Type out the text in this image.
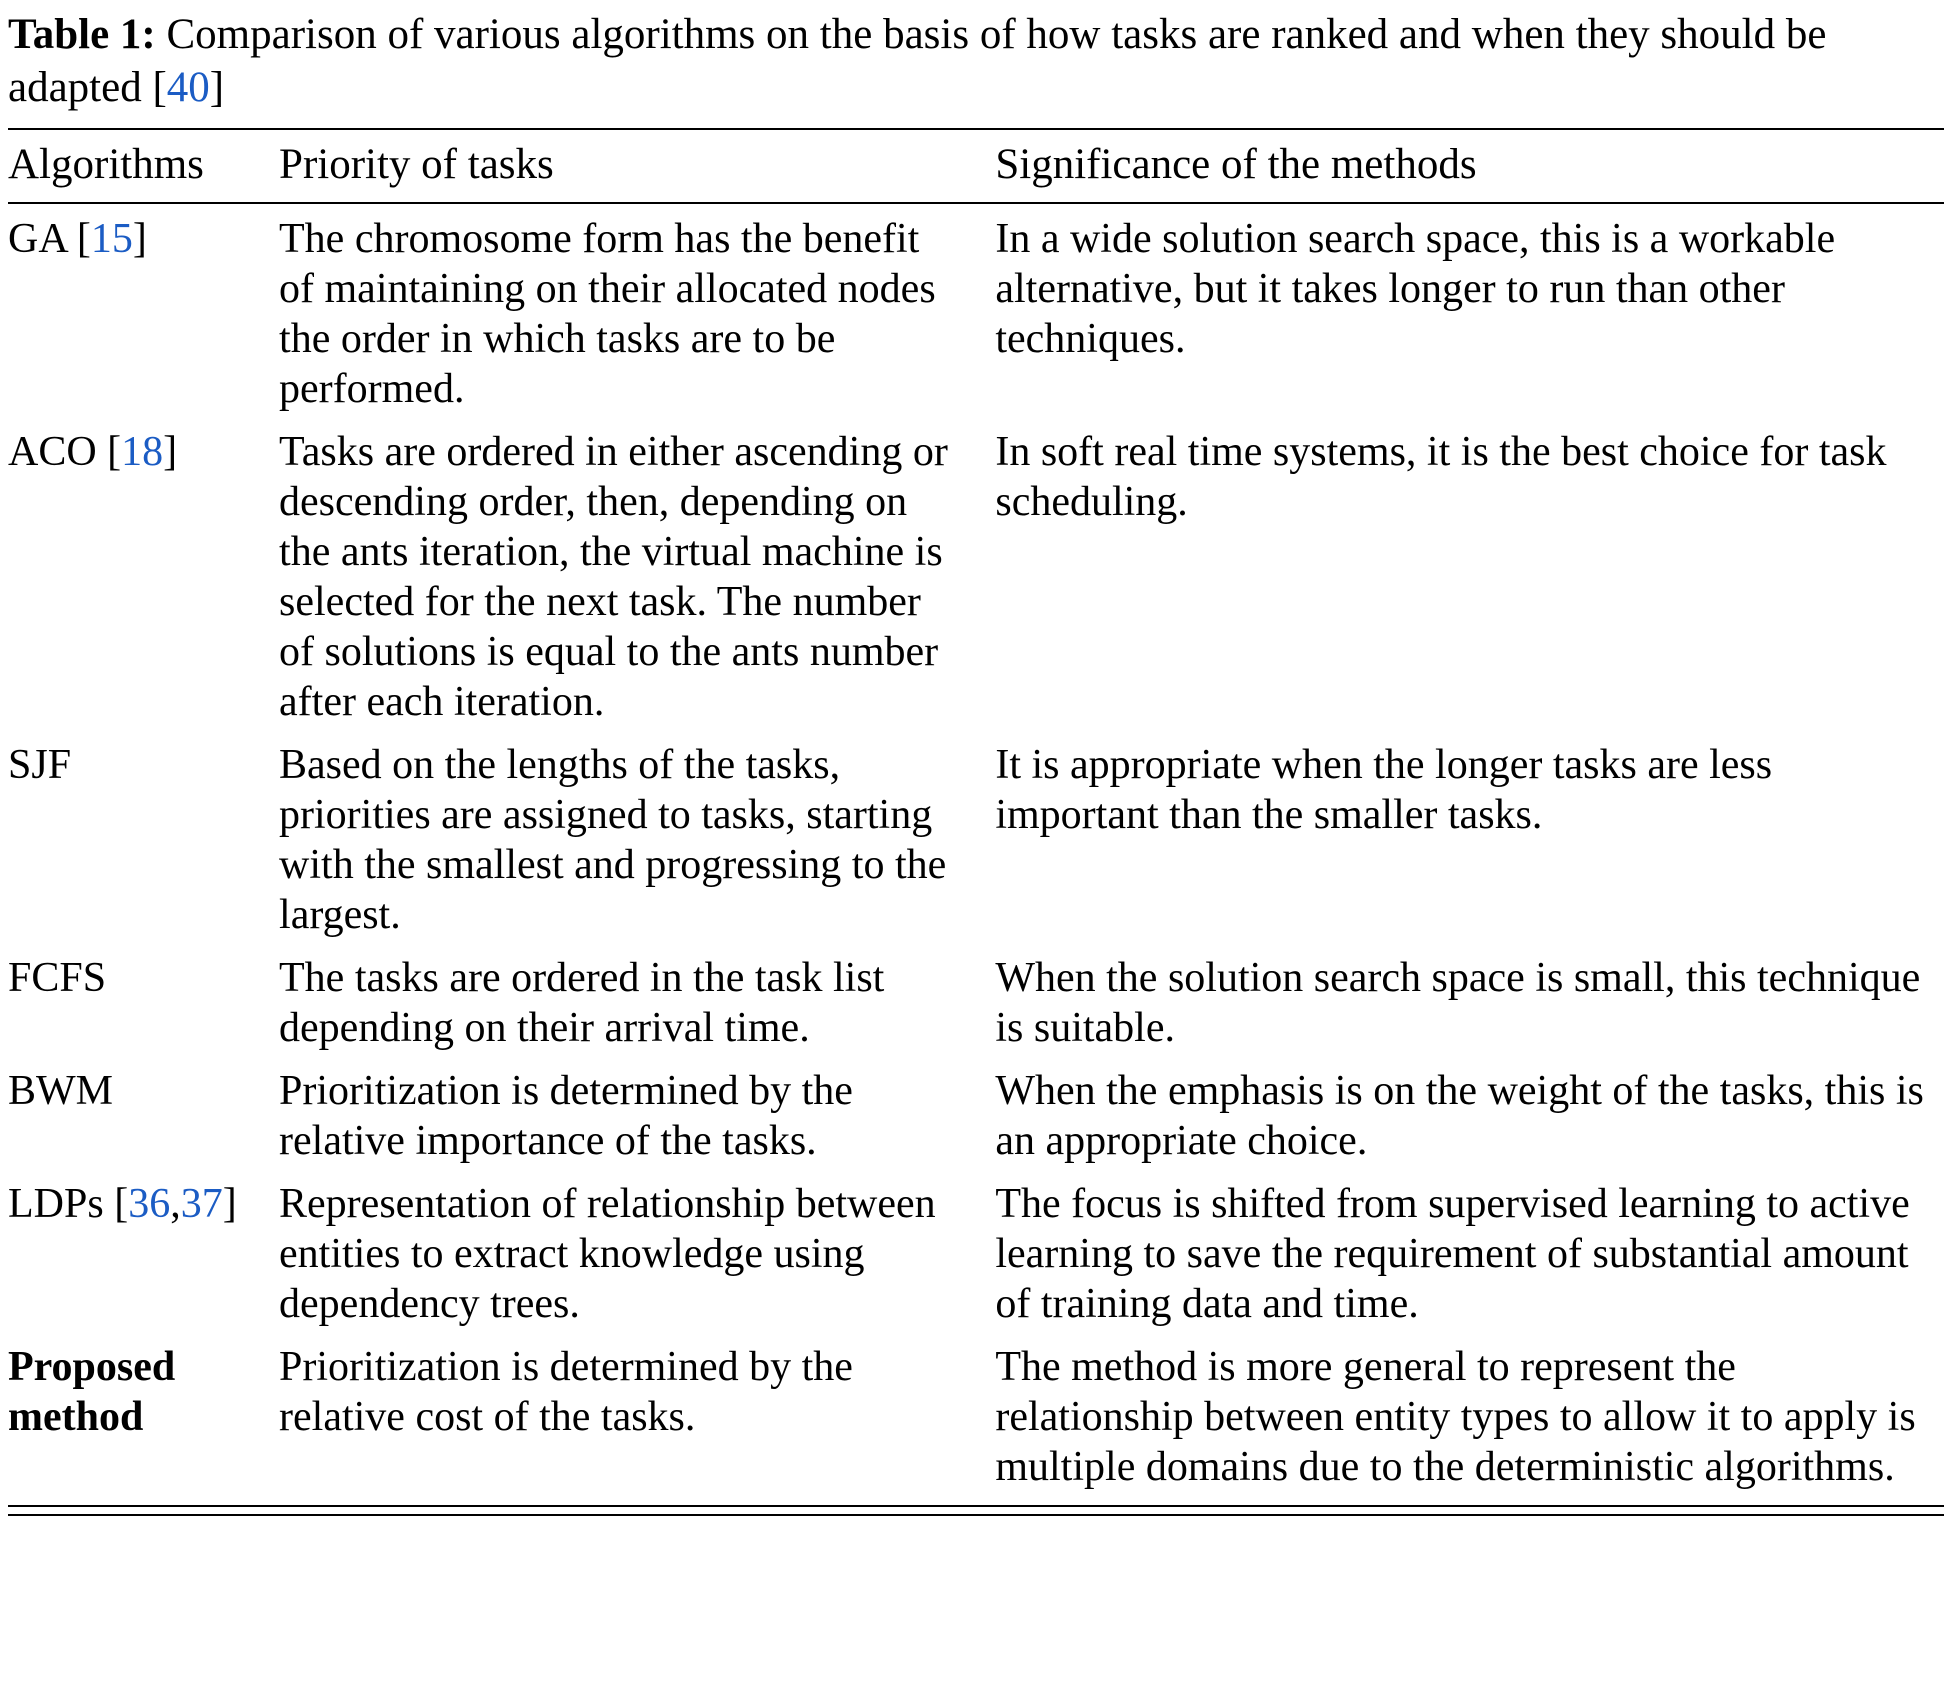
Table 1: Comparison of various algorithms on the basis of how tasks are ranked and when they should be adapted [40]

Algorithms	Priority of tasks	Significance of the methods
GA [15]	The chromosome form has the benefit of maintaining on their allocated nodes the order in which tasks are to be performed.	In a wide solution search space, this is a workable alternative, but it takes longer to run than other techniques.
ACO [18]	Tasks are ordered in either ascending or descending order, then, depending on the ants iteration, the virtual machine is selected for the next task. The number of solutions is equal to the ants number after each iteration.	In soft real time systems, it is the best choice for task scheduling.
SJF	Based on the lengths of the tasks, priorities are assigned to tasks, starting with the smallest and progressing to the largest.	It is appropriate when the longer tasks are less important than the smaller tasks.
FCFS	The tasks are ordered in the task list depending on their arrival time.	When the solution search space is small, this technique is suitable.
BWM	Prioritization is determined by the relative importance of the tasks.	When the emphasis is on the weight of the tasks, this is an appropriate choice.
LDPs [36,37]	Representation of relationship between entities to extract knowledge using dependency trees.	The focus is shifted from supervised learning to active learning to save the requirement of substantial amount of training data and time.
Proposed method	Prioritization is determined by the relative cost of the tasks.	The method is more general to represent the relationship between entity types to allow it to apply is multiple domains due to the deterministic algorithms.
